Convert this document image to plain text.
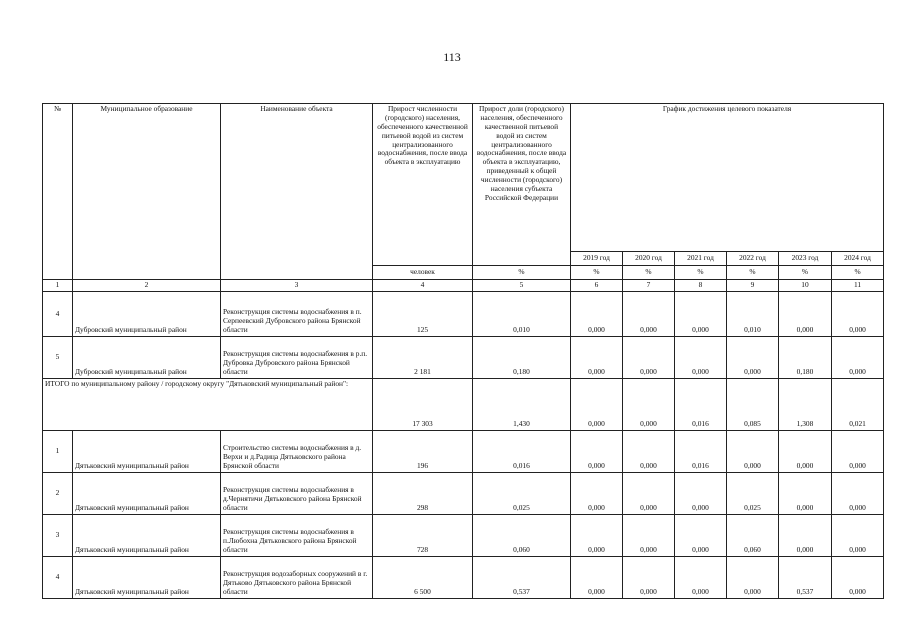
113
№	Муниципальное образование	Наименование объекта	Прирост численности (городского) населения, обеспеченного качественной питьевой водой из систем централизованного водоснабжения, после ввода объекта в эксплуатацию	Прирост доли (городского) населения, обеспеченного качественной питьевой водой из систем централизованного водоснабжения, после ввода объекта в эксплуатацию, приведенный к общей численности (городского) населения субъекта Российской Федерации	График достижения целевого показателя					
					2019 год	2020 год	2021 год	2022 год	2023 год	2024 год
			человек	%	%	%	%	%	%	%
1	2	3	4	5	6	7	8	9	10	11
4	Дубровский муниципальный район	Реконструкция системы водоснабжения в п. Серпеевский Дубровского района Брянской области	125	0,010	0,000	0,000	0,000	0,010	0,000	0,000
5	Дубровский муниципальный район	Реконструкция системы водоснабжения в р.п. Дубровка Дубровского района Брянской области	2 181	0,180	0,000	0,000	0,000	0,000	0,180	0,000
ИТОГО по муниципальному району / городскому округу "Дятьковский муниципальный район":			17 303	1,430	0,000	0,000	0,016	0,085	1,308	0,021
1	Дятьковский муниципальный район	Строительство системы водоснабжения в д. Верхи и д.Радица Дятьковского района Брянской области	196	0,016	0,000	0,000	0,016	0,000	0,000	0,000
2	Дятьковский муниципальный район	Реконструкция системы водоснабжения в д.Чернятичи Дятьковского района Брянской области	298	0,025	0,000	0,000	0,000	0,025	0,000	0,000
3	Дятьковский муниципальный район	Реконструкция системы водоснабжения в п.Любохна Дятьковского района Брянской области	728	0,060	0,000	0,000	0,000	0,060	0,000	0,000
4	Дятьковский муниципальный район	Реконструкция водозаборных сооружений в г. Дятьково Дятьковского района Брянской области	6 500	0,537	0,000	0,000	0,000	0,000	0,537	0,000
